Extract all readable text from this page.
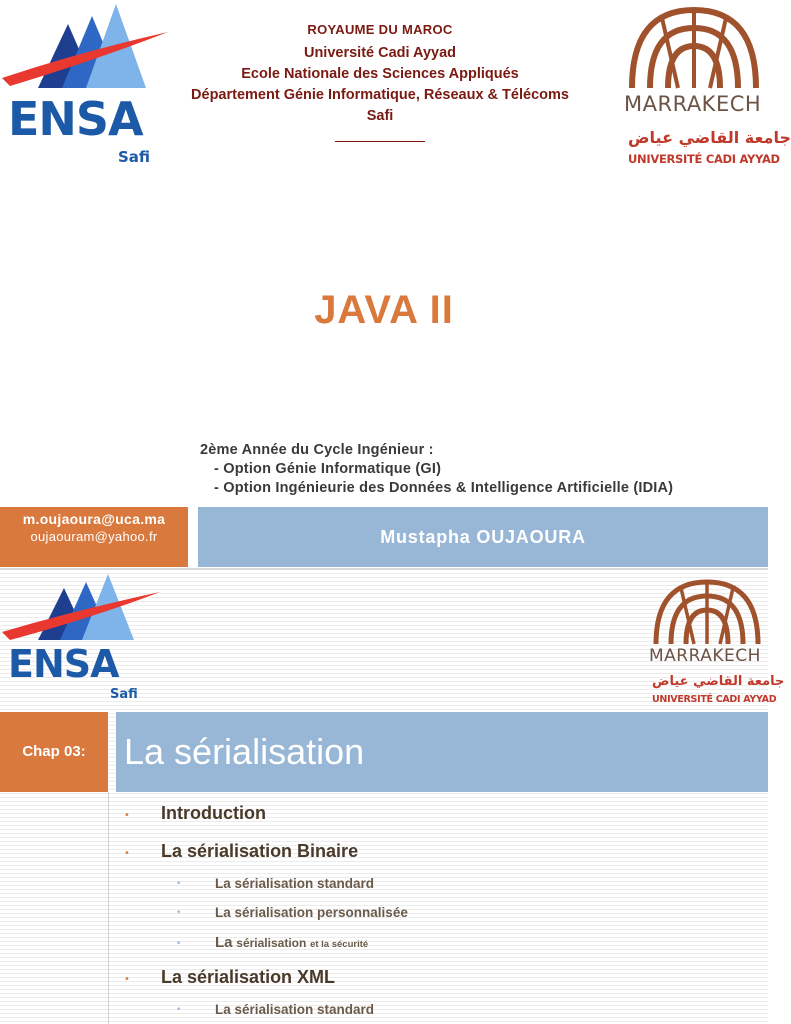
ENSA
Safi
MARRAKECH
جامعة القاضي عياض
UNIVERSITÉ CADI AYYAD
ROYAUME DU MAROC
Université Cadi Ayyad
Ecole Nationale des Sciences Appliqués
Département Génie Informatique, Réseaux & Télécoms
Safi
JAVA II
2ème Année du Cycle Ingénieur :
- Option Génie Informatique (GI)
- Option Ingénieurie des Données & Intelligence Artificielle (IDIA)
m.oujaoura@uca.ma
oujaouram@yahoo.fr	Mustapha OUJAOURA
ENSA
Safi
MARRAKECH
جامعة القاضي عياض
UNIVERSITÉ CADI AYYAD
Chap 03:	La sérialisation
• Introduction
• La sérialisation Binaire
• La sérialisation standard
• La sérialisation personnalisée
• La sérialisation et la sécurité
• La sérialisation XML
• La sérialisation standard
